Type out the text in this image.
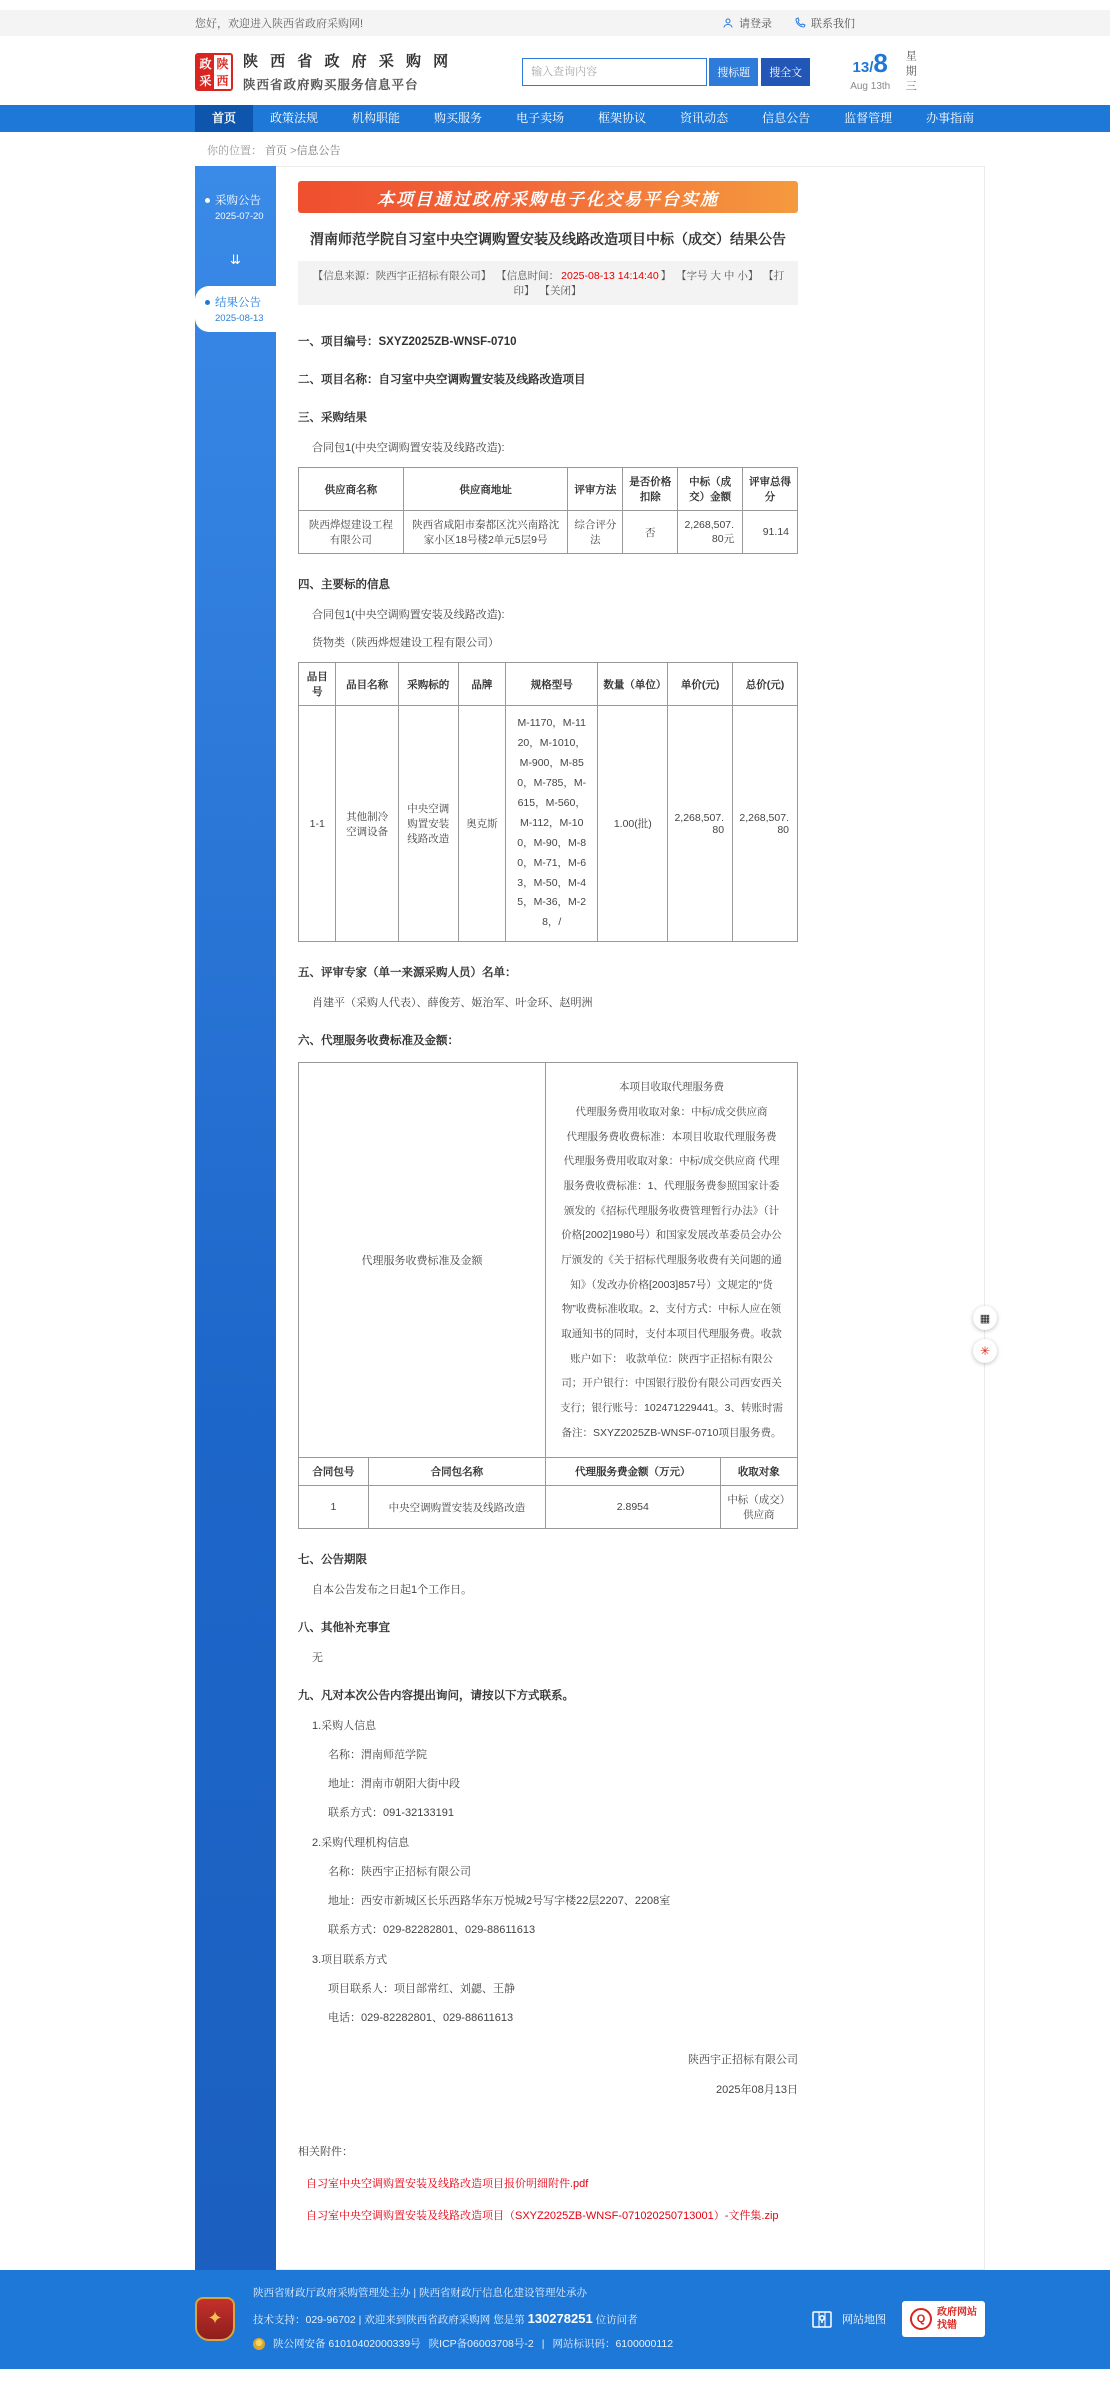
您好，欢迎进入陕西省政府采购网!	请登录	联系我们
政 陕
采 西
陕 西 省 政 府 采 购 网
陕西省政府购买服务信息平台
输入查询内容
搜标题	搜全文	13/8
Aug 13th 星期三
首页	政策法规	机构职能	购买服务	电子卖场	框架协议	资讯动态	信息公告	监督管理	办事指南
你的位置： 首页 >信息公告
采购公告
2025-07-20
⇊
结果公告
2025-08-13
本项目通过政府采购电子化交易平台实施
渭南师范学院自习室中央空调购置安装及线路改造项目中标（成交）结果公告
【信息来源：陕西宇正招标有限公司】 【信息时间： 2025-08-13 14:14:40 】 【字号 大 中 小】 【打印】 【关闭】
一、项目编号：SXYZ2025ZB-WNSF-0710
二、项目名称：自习室中央空调购置安装及线路改造项目
三、采购结果
合同包1(中央空调购置安装及线路改造):
供应商名称	供应商地址	评审方法	是否价格扣除	中标（成交）金额	评审总得分
陕西烨煜建设工程有限公司	陕西省咸阳市秦都区沈兴南路沈家小区18号楼2单元5层9号	综合评分法	否	2,268,507.80元	91.14
四、主要标的信息
合同包1(中央空调购置安装及线路改造):
货物类（陕西烨煜建设工程有限公司）
品目号	品目名称	采购标的	品牌	规格型号	数量（单位）	单价(元)	总价(元)
1-1	其他制冷空调设备	中央空调购置安装线路改造	奥克斯	M-1170，M-1120，M-1010，M-900，M-850，M-785，M-615，M-560，M-112，M-100，M-90，M-80，M-71，M-63，M-50，M-45，M-36，M-28，/	1.00(批)	2,268,507.80	2,268,507.80
五、评审专家（单一来源采购人员）名单：
肖建平（采购人代表）、薛俊芳、姬治军、叶金环、赵明洲
六、代理服务收费标准及金额：
代理服务收费标准及金额		本项目收取代理服务费

代理服务费用收取对象：中标/成交供应商

代理服务费收费标准：本项目收取代理服务费 代理服务费用收取对象：中标/成交供应商 代理服务费收费标准：1、代理服务费参照国家计委颁发的《招标代理服务收费管理暂行办法》（计价格[2002]1980号）和国家发展改革委员会办公厅颁发的《关于招标代理服务收费有关问题的通知》（发改办价格[2003]857号）文规定的“货物”收费标准收取。2、支付方式：中标人应在领取通知书的同时，支付本项目代理服务费。收款账户如下： 收款单位：陕西宇正招标有限公司；开户银行：中国银行股份有限公司西安西关支行；银行账号：102471229441。3、转账时需备注：SXYZ2025ZB-WNSF-0710项目服务费。	

合同包号	合同包名称	代理服务费金额（万元）	收取对象
1	中央空调购置安装及线路改造	2.8954	中标（成交）供应商
七、公告期限
自本公告发布之日起1个工作日。
八、其他补充事宜
无
九、凡对本次公告内容提出询问，请按以下方式联系。
1.采购人信息
名称：渭南师范学院
地址：渭南市朝阳大街中段
联系方式：091-32133191
2.采购代理机构信息
名称：陕西宇正招标有限公司
地址：西安市新城区长乐西路华东万悦城2号写字楼22层2207、2208室
联系方式：029-82282801、029-88611613
3.项目联系方式
项目联系人：项目部常红、刘勰、王静
电话：029-82282801、029-88611613
陕西宇正招标有限公司
2025年08月13日
相关附件：
自习室中央空调购置安装及线路改造项目报价明细附件.pdf
自习室中央空调购置安装及线路改造项目（SXYZ2025ZB-WNSF-071020250713001）-文件集.zip
▦
✳
✦
陕西省财政厅政府采购管理处主办 | 陕西省财政厅信息化建设管理处承办
技术支持：029-96702 | 欢迎来到陕西省政府采购网 您是第 130278251 位访问者
陕公网安备 61010402000339号 陕ICP备06003708号-2 | 网站标识码：6100000112
网站地图	Q
政府网站
找错
